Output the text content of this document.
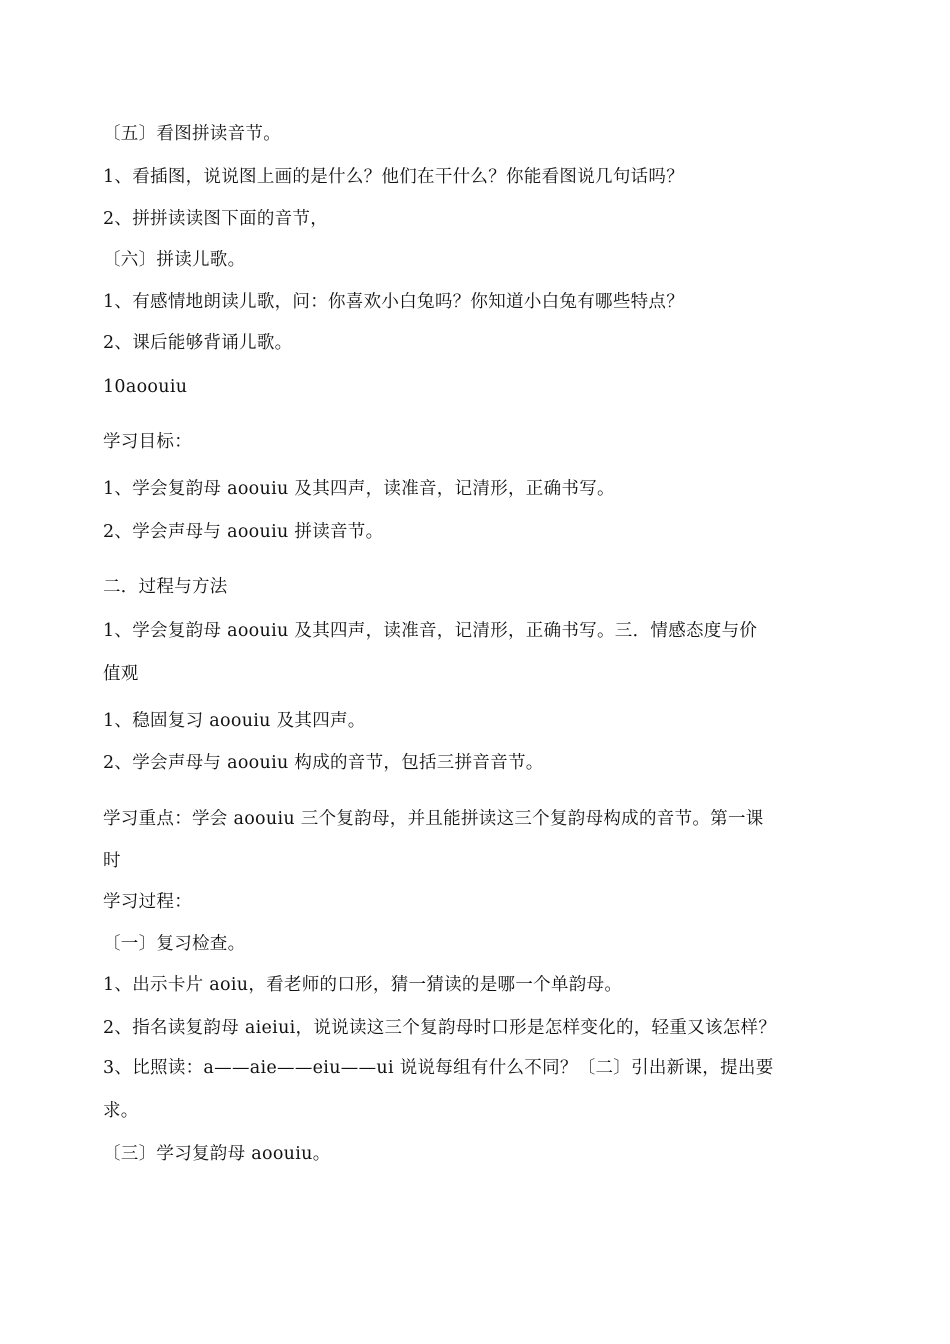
〔五〕看图拼读音节。
1、看插图，说说图上画的是什么？他们在干什么？你能看图说几句话吗？
2、拼拼读读图下面的音节，
〔六〕拼读儿歌。
1、有感情地朗读儿歌，问：你喜欢小白兔吗？你知道小白兔有哪些特点？
2、课后能够背诵儿歌。
10aoouiu
学习目标：
1、学会复韵母 aoouiu 及其四声，读准音，记清形，正确书写。
2、学会声母与 aoouiu 拼读音节。
二．过程与方法
1、学会复韵母 aoouiu 及其四声，读准音，记清形，正确书写。三．情感态度与价
值观
1、稳固复习 aoouiu 及其四声。
2、学会声母与 aoouiu 构成的音节，包括三拼音音节。
学习重点：学会 aoouiu 三个复韵母，并且能拼读这三个复韵母构成的音节。第一课
时
学习过程：
〔一〕复习检查。
1、出示卡片 aoiu，看老师的口形，猜一猜读的是哪一个单韵母。
2、指名读复韵母 aieiui，说说读这三个复韵母时口形是怎样变化的，轻重又该怎样？
3、比照读：a——aie——eiu——ui 说说每组有什么不同？〔二〕引出新课，提出要
求。
〔三〕学习复韵母 aoouiu。
